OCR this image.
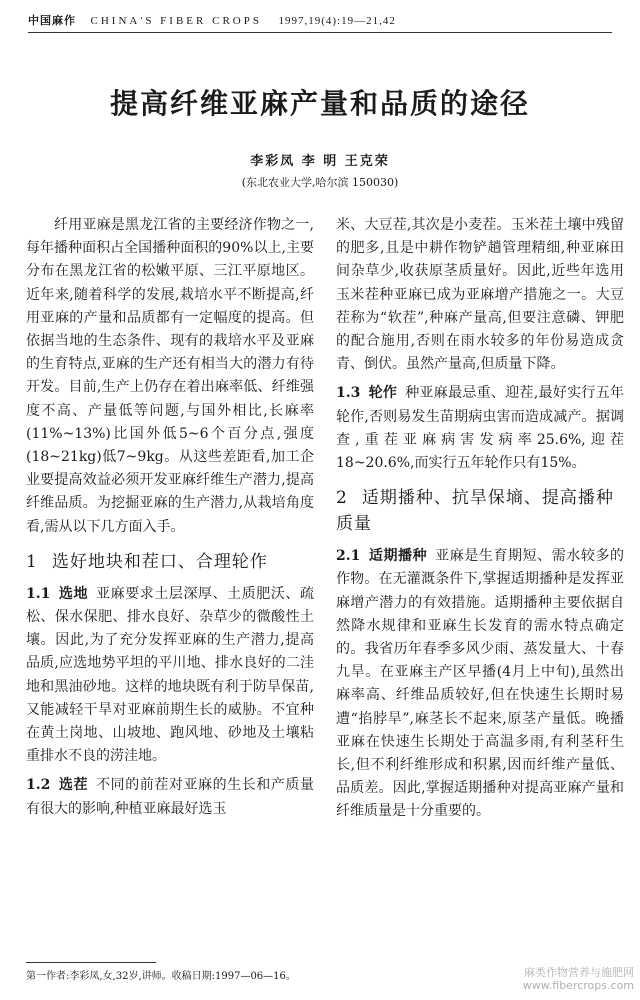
中国麻作 CHINA'S FIBER CROPS 1997,19(4):19—21,42
提高纤维亚麻产量和品质的途径
李彩凤 李 明 王克荣
(东北农业大学,哈尔滨 150030)

纤用亚麻是黑龙江省的主要经济作物之一,每年播种面积占全国播种面积的90%以上,主要分布在黑龙江省的松嫩平原、三江平原地区。近年来,随着科学的发展,栽培水平不断提高,纤用亚麻的产量和品质都有一定幅度的提高。但依据当地的生态条件、现有的栽培水平及亚麻的生育特点,亚麻的生产还有相当大的潜力有待开发。目前,生产上仍存在着出麻率低、纤维强度不高、产量低等问题,与国外相比,长麻率(11%~13%)比国外低5~6个百分点,强度(18~21kg)低7~9kg。从这些差距看,加工企业要提高效益必须开发亚麻纤维生产潜力,提高纤维品质。为挖掘亚麻的生产潜力,从栽培角度看,需从以下几方面入手。

1 选好地块和茬口、合理轮作

1.1 选地 亚麻要求土层深厚、土质肥沃、疏松、保水保肥、排水良好、杂草少的微酸性土壤。因此,为了充分发挥亚麻的生产潜力,提高品质,应选地势平坦的平川地、排水良好的二洼地和黑油砂地。这样的地块既有利于防旱保苗,又能减轻干旱对亚麻前期生长的威胁。不宜种在黄土岗地、山坡地、跑风地、砂地及土壤粘重排水不良的涝洼地。

1.2 选茬 不同的前茬对亚麻的生长和产质量有很大的影响,种植亚麻最好选玉

米、大豆茬,其次是小麦茬。玉米茬土壤中残留的肥多,且是中耕作物铲趟管理精细,种亚麻田间杂草少,收获原茎质量好。因此,近些年选用玉米茬种亚麻已成为亚麻增产措施之一。大豆茬称为“软茬”,种麻产量高,但要注意磷、钾肥的配合施用,否则在雨水较多的年份易造成贪青、倒伏。虽然产量高,但质量下降。

1.3 轮作 种亚麻最忌重、迎茬,最好实行五年轮作,否则易发生苗期病虫害而造成减产。据调查,重茬亚麻病害发病率25.6%,迎茬18~20.6%,而实行五年轮作只有15%。

2 适期播种、抗旱保墒、提高播种质量

2.1 适期播种 亚麻是生育期短、需水较多的作物。在无灌溉条件下,掌握适期播种是发挥亚麻增产潜力的有效措施。适期播种主要依据自然降水规律和亚麻生长发育的需水特点确定的。我省历年春季多风少雨、蒸发量大、十春九旱。在亚麻主产区早播(4月上中旬),虽然出麻率高、纤维品质较好,但在快速生长期时易遭“掐脖旱”,麻茎长不起来,原茎产量低。晚播亚麻在快速生长期处于高温多雨,有利茎秆生长,但不利纤维形成和积累,因而纤维产量低、品质差。因此,掌握适期播种对提高亚麻产量和纤维质量是十分重要的。

第一作者:李彩凤,女,32岁,讲师。收稿日期:1997—06—16。	麻类作物营养与施肥网
www.fibercrops.com
